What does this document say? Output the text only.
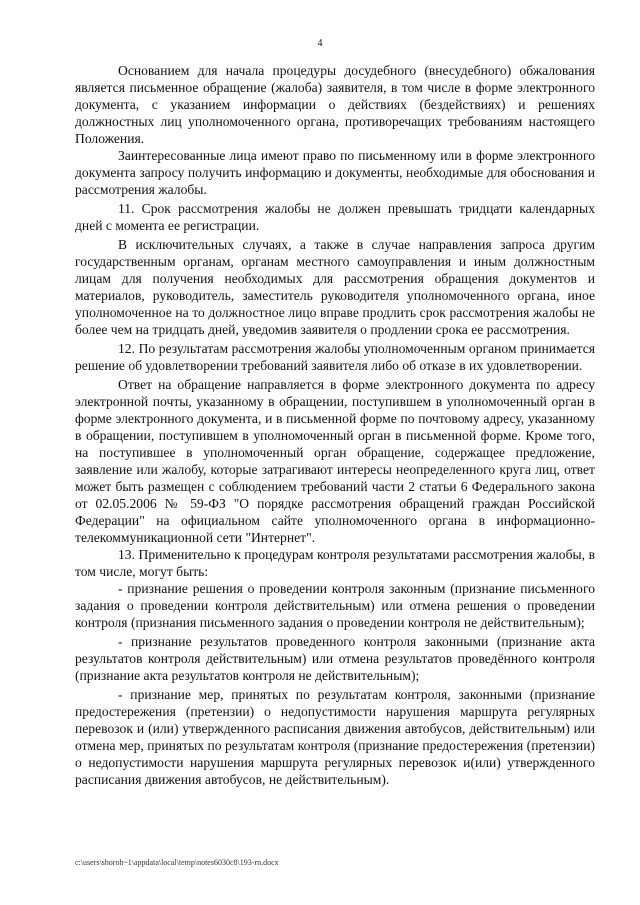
4

Основанием для начала процедуры досудебного (внесудебного) обжалования является письменное обращение (жалоба) заявителя, в том числе в форме электронного документа, с указанием информации о действиях (бездействиях) и решениях должностных лиц уполномоченного органа, противоречащих требованиям настоящего Положения.

Заинтересованные лица имеют право по письменному или в форме электронного документа запросу получить информацию и документы, необходимые для обоснования и рассмотрения жалобы.

11. Срок рассмотрения жалобы не должен превышать тридцати календарных дней с момента ее регистрации.

В исключительных случаях, а также в случае направления запроса другим государственным органам, органам местного самоуправления и иным должностным лицам для получения необходимых для рассмотрения обращения документов и материалов, руководитель, заместитель руководителя уполномоченного органа, иное уполномоченное на то должностное лицо вправе продлить срок рассмотрения жалобы не более чем на тридцать дней, уведомив заявителя о продлении срока ее рассмотрения.

12. По результатам рассмотрения жалобы уполномоченным органом принимается решение об удовлетворении требований заявителя либо об отказе в их удовлетворении.

Ответ на обращение направляется в форме электронного документа по адресу электронной почты, указанному в обращении, поступившем в уполномоченный орган в форме электронного документа, и в письменной форме по почтовому адресу, указанному в обращении, поступившем в уполномоченный орган в письменной форме. Кроме того, на поступившее в уполномоченный орган обращение, содержащее предложение, заявление или жалобу, которые затрагивают интересы неопределенного круга лиц, ответ может быть размещен с соблюдением требований части 2 статьи 6 Федерального закона от 02.05.2006 № 59-ФЗ "О порядке рассмотрения обращений граждан Российской Федерации" на официальном сайте уполномоченного органа в информационно-телекоммуникационной сети "Интернет".

13. Применительно к процедурам контроля результатами рассмотрения жалобы, в том числе, могут быть:

- признание решения о проведении контроля законным (признание письменного задания о проведении контроля действительным) или отмена решения о проведении контроля (признания письменного задания о проведении контроля не действительным);

- признание результатов проведенного контроля законными (признание акта результатов контроля действительным) или отмена результатов проведённого контроля (признание акта результатов контроля не действительным);

- признание мер, принятых по результатам контроля, законными (признание предостережения (претензии) о недопустимости нарушения маршрута регулярных перевозок и (или) утвержденного расписания движения автобусов, действительным) или отмена мер, принятых по результатам контроля (признание предостережения (претензии) о недопустимости нарушения маршрута регулярных перевозок и(или) утвержденного расписания движения автобусов, не действительным).

c:\users\shoroh~1\appdata\local\temp\notes6030c8\193-rn.docx
